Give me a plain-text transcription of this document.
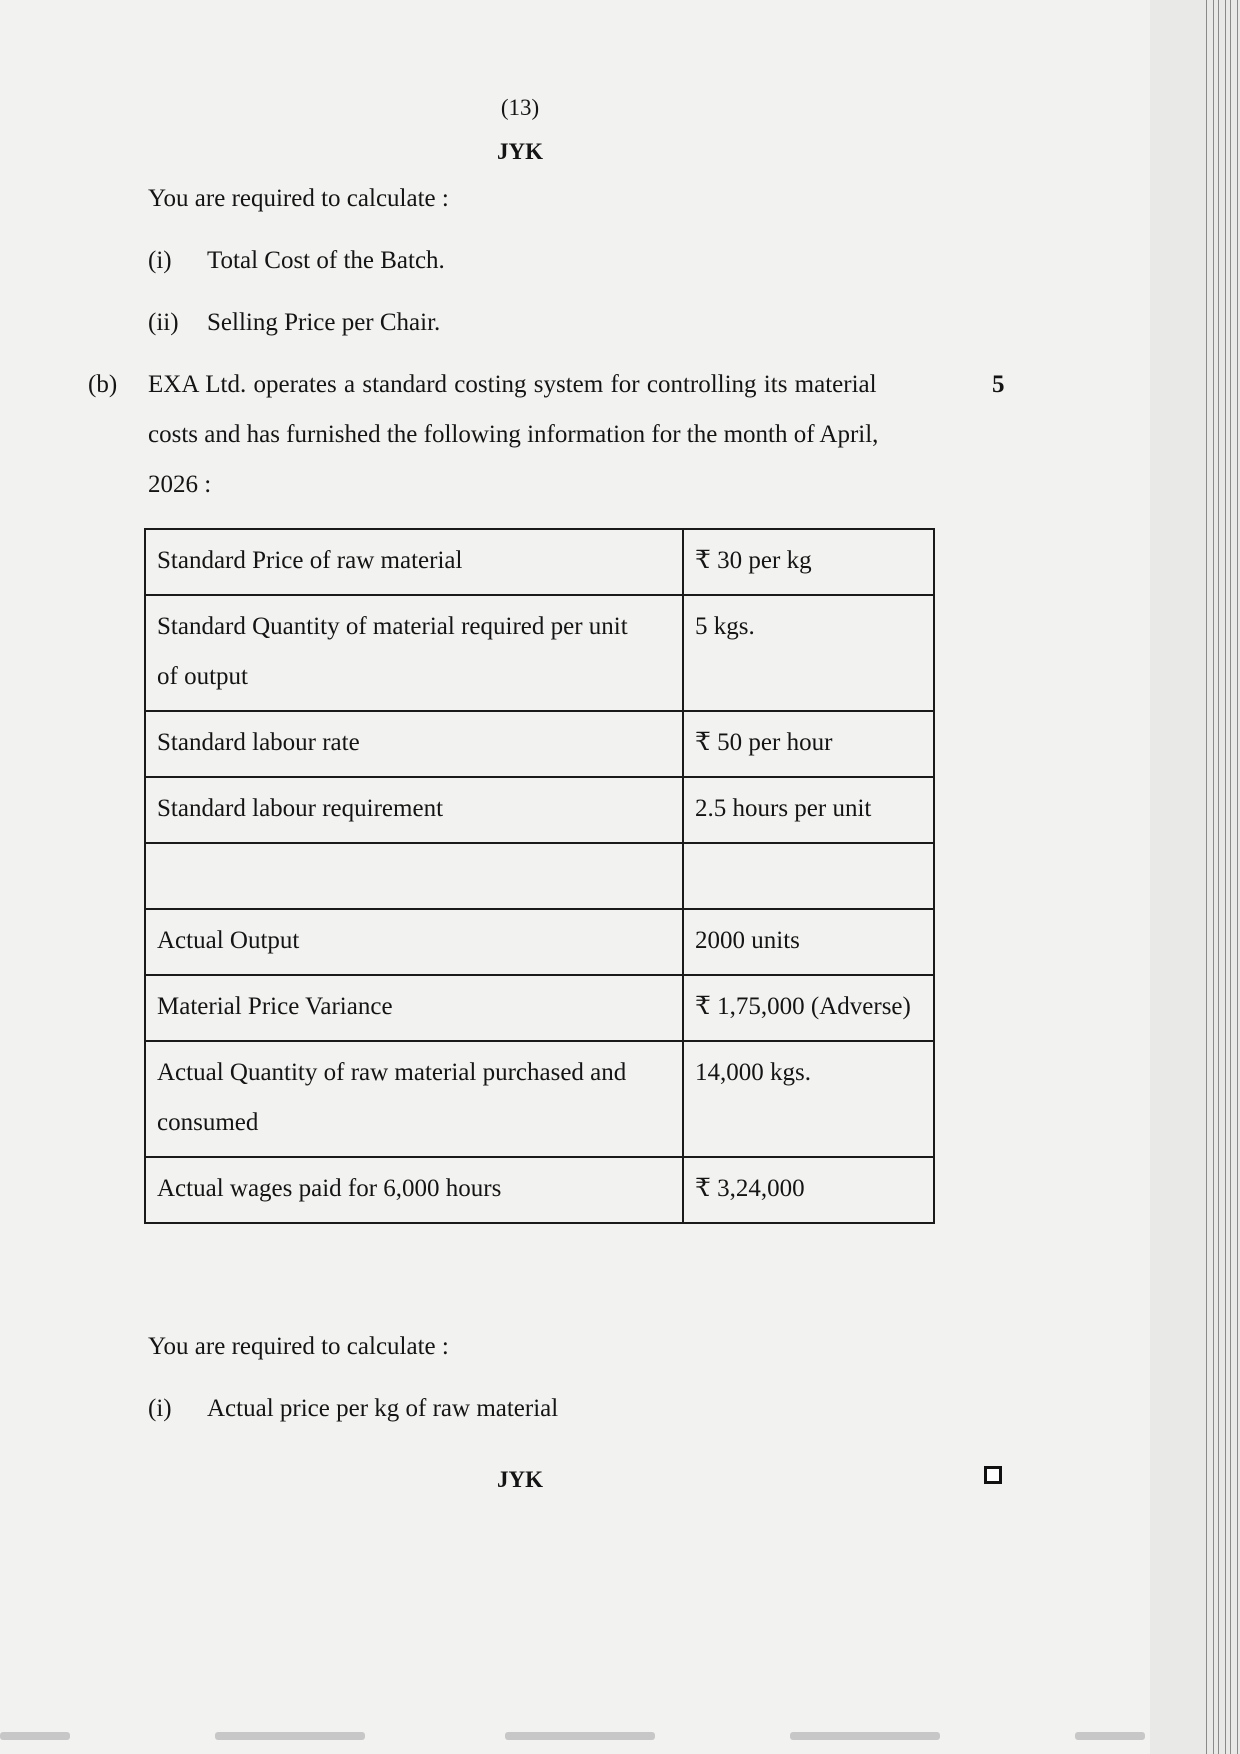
(13)
JYK
You are required to calculate :
(i) Total Cost of the Batch.
(ii) Selling Price per Chair.
(b)	5
EXA Ltd. operates a standard costing system for controlling its material
costs and has furnished the following information for the month of April,
2026 :
Standard Price of raw material	₹ 30 per kg
Standard Quantity of material required per unit
of output	5 kgs.
Standard labour rate	₹ 50 per hour
Standard labour requirement	2.5 hours per unit

Actual Output	2000 units
Material Price Variance	₹ 1,75,000 (Adverse)
Actual Quantity of raw material purchased and
consumed	14,000 kgs.
Actual wages paid for 6,000 hours	₹ 3,24,000
You are required to calculate :
(i) Actual price per kg of raw material
JYK
